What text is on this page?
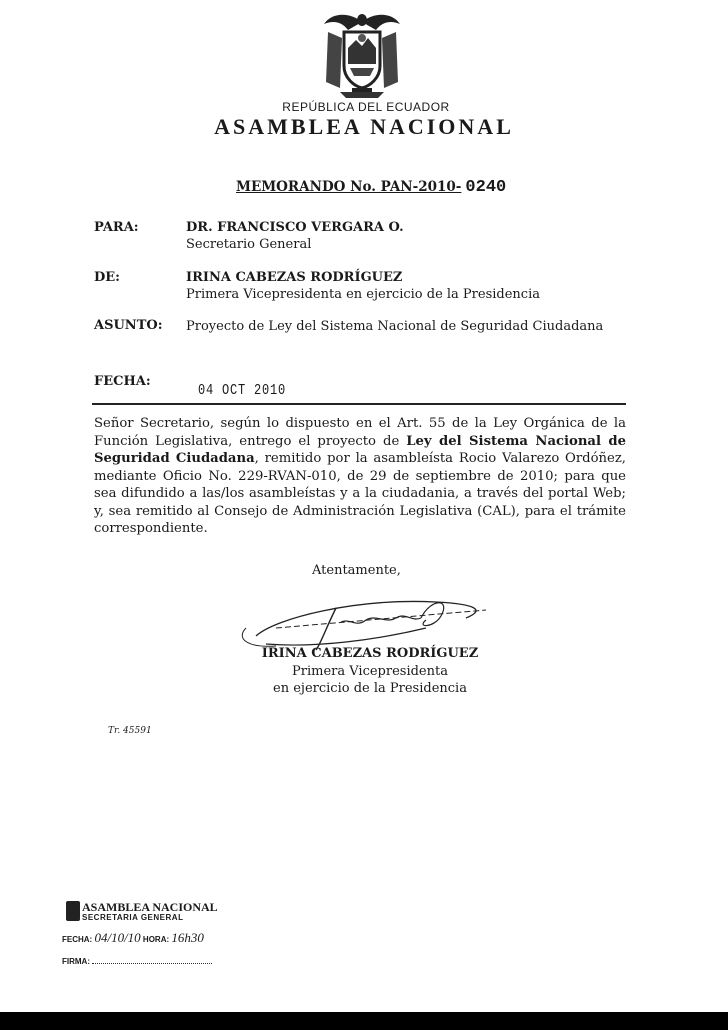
REPÚBLICA DEL ECUADOR
ASAMBLEA NACIONAL
MEMORANDO No. PAN-2010- 0240
PARA:	DR. FRANCISCO VERGARA O.
Secretario General
DE:	IRINA CABEZAS RODRÍGUEZ
Primera Vicepresidenta en ejercicio de la Presidencia
ASUNTO: Proyecto de Ley del Sistema Nacional de Seguridad Ciudadana
FECHA:
04 OCT 2010
Señor Secretario, según lo dispuesto en el Art. 55 de la Ley Orgánica de la Función Legislativa, entrego el proyecto de Ley del Sistema Nacional de Seguridad Ciudadana, remitido por la asambleísta Rocio Valarezo Ordóñez, mediante Oficio No. 229-RVAN-010, de 29 de septiembre de 2010; para que sea difundido a las/los asambleístas y a la ciudadania, a través del portal Web; y, sea remitido al Consejo de Administración Legislativa (CAL), para el trámite correspondiente.
Atentamente,
IRINA CABEZAS RODRÍGUEZ
Primera Vicepresidenta
en ejercicio de la Presidencia
Tr. 45591
ASAMBLEA NACIONAL
SECRETARIA GENERAL
FECHA: 04/10/10 HORA: 16h30
FIRMA:
